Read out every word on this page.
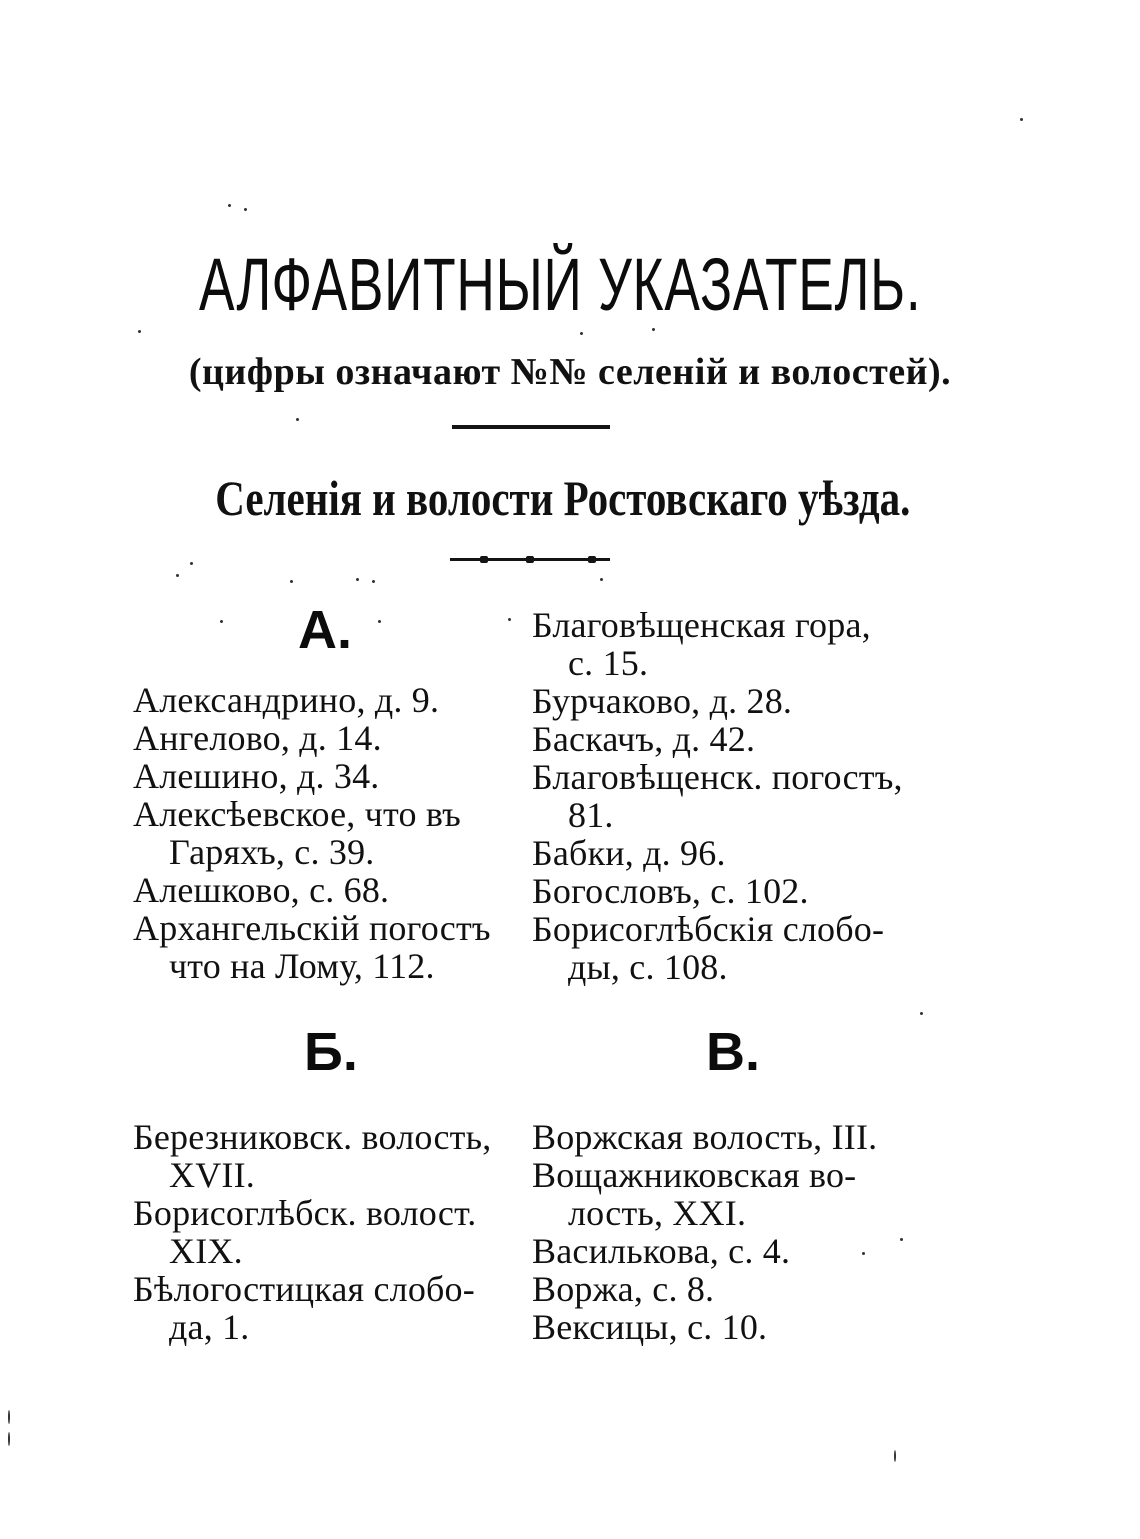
АЛФАВИТНЫЙ УКАЗАТЕЛЬ.
(цифры означают №№ селеній и волостей).
Селенія и волости Ростовскаго уѣзда.
А.
Александрино, д. 9.
Ангелово, д. 14.
Алешино, д. 34.
Алексѣевское, что въ
Гаряхъ, с. 39.
Алешково, с. 68.
Архангельскій погостъ
что на Лому, 112.
Благовѣщенская гора,
с. 15.
Бурчаково, д. 28.
Баскачъ, д. 42.
Благовѣщенск. погостъ,
81.
Бабки, д. 96.
Богословъ, с. 102.
Борисоглѣбскія слобо-
ды, с. 108.
Б.	В.
Березниковск. волость,
XVII.
Борисоглѣбск. волост.
XIX.
Бѣлогостицкая слобо-
да, 1.
Воржская волость, III.
Вощажниковская во-
лость, XXI.
Василькова, с. 4.
Воржа, с. 8.
Вексицы, с. 10.
